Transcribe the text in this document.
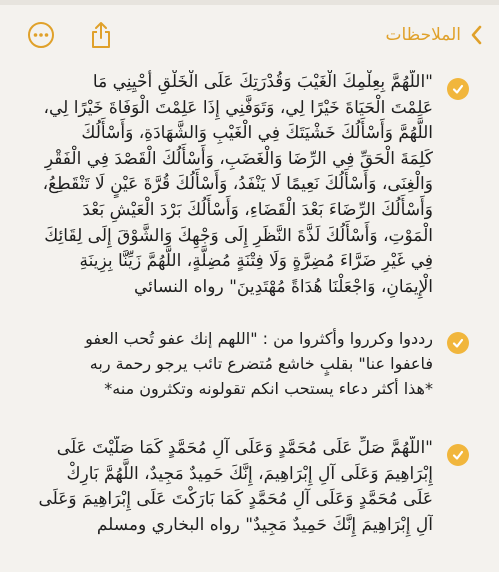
الملاحظات
"اللَّهُمَّ بِعِلْمِكَ الْغَيْبَ وَقُدْرَتِكَ عَلَى الْخَلْقِ أَحْيِنِي مَا
عَلِمْتَ الْحَيَاةَ خَيْرًا لِي، وَتَوَفَّنِي إِذَا عَلِمْتَ الْوَفَاةَ خَيْرًا لِي،
اللَّهُمَّ وَأَسْأَلُكَ خَشْيَتَكَ فِي الْغَيْبِ وَالشَّهَادَةِ، وَأَسْأَلُكَ
كَلِمَةَ الْحَقِّ فِي الرِّضَا وَالْغَضَبِ، وَأَسْأَلُكَ الْقَصْدَ فِي الْفَقْرِ
وَالْغِنَى، وَأَسْأَلُكَ نَعِيمًا لَا يَنْفَدُ، وَأَسْأَلُكَ قُرَّةَ عَيْنٍ لَا تَنْقَطِعُ،
وَأَسْأَلُكَ الرِّضَاءَ بَعْدَ الْقَضَاءِ، وَأَسْأَلُكَ بَرْدَ الْعَيْشِ بَعْدَ
الْمَوْتِ، وَأَسْأَلُكَ لَذَّةَ النَّظَرِ إِلَى وَجْهِكَ وَالشَّوْقَ إِلَى لِقَائِكَ
فِي غَيْرِ ضَرَّاءَ مُضِرَّةٍ وَلَا فِتْنَةٍ مُضِلَّةٍ، اللَّهُمَّ زَيِّنَّا بِزِينَةِ
الْإِيمَانِ، وَاجْعَلْنَا هُدَاةً مُهْتَدِينَ" رواه النسائي
رددوا وكرروا وأكثروا من : "اللهم إنك عفو تُحب العفو
فاعفوا عنا" بقلبٍ خاشع مُتضرع تائب يرجو رحمة ربه
*هذا أكثر دعاء يستحب انكم تقولونه وتكثرون منه*
"اللَّهُمَّ صَلِّ عَلَى مُحَمَّدٍ وَعَلَى آلِ مُحَمَّدٍ كَمَا صَلَّيْتَ عَلَى
إِبْرَاهِيمَ وَعَلَى آلِ إِبْرَاهِيمَ، إِنَّكَ حَمِيدٌ مَجِيدٌ، اللَّهُمَّ بَارِكْ
عَلَى مُحَمَّدٍ وَعَلَى آلِ مُحَمَّدٍ كَمَا بَارَكْتَ عَلَى إِبْرَاهِيمَ وَعَلَى
آلِ إِبْرَاهِيمَ إِنَّكَ حَمِيدٌ مَجِيدٌ" رواه البخاري ومسلم
